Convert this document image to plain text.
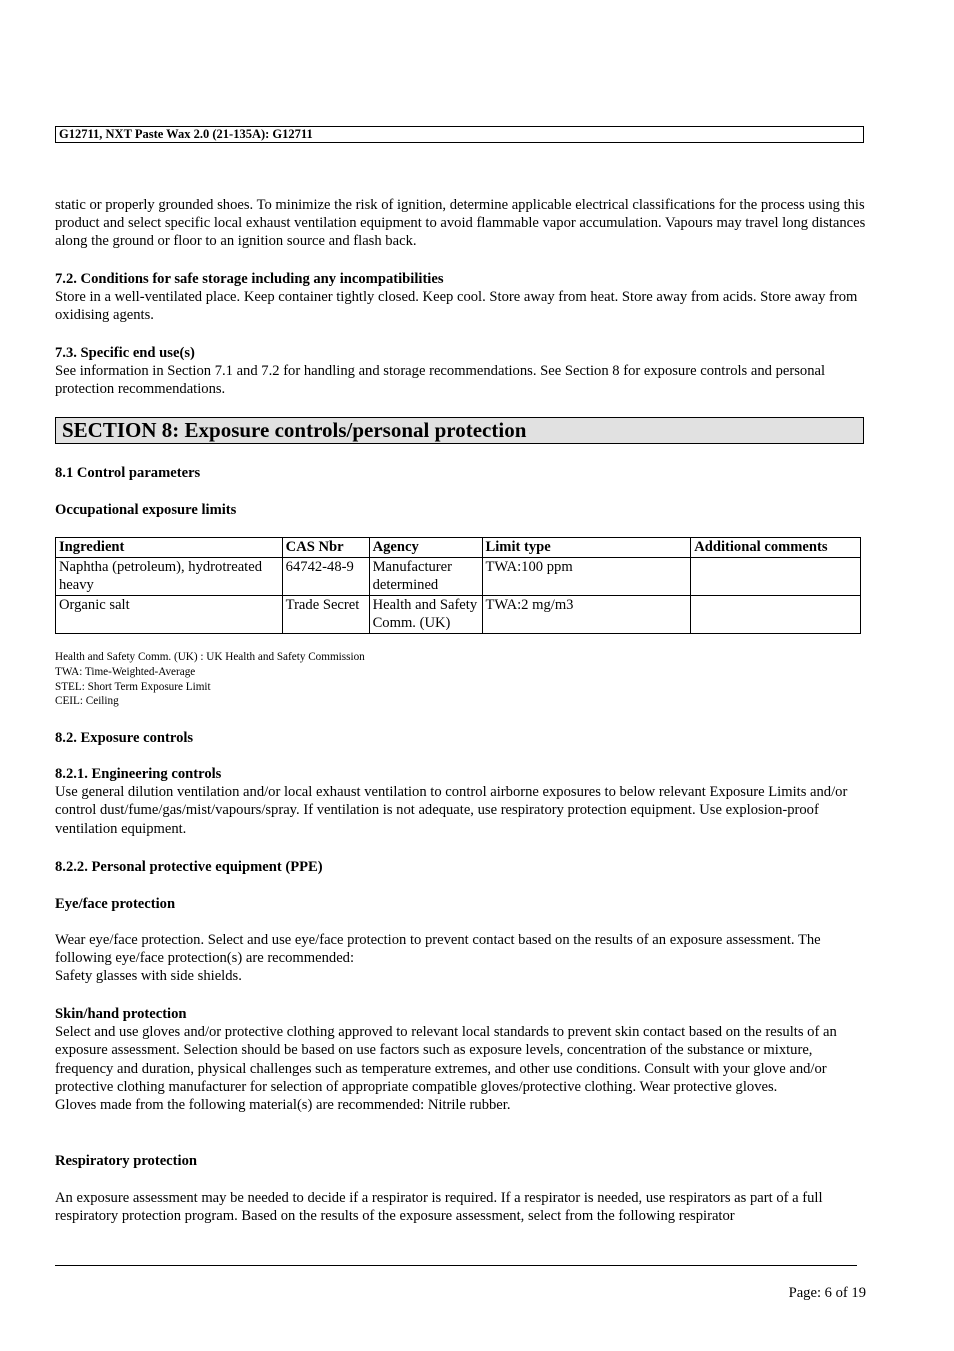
G12711, NXT Paste Wax 2.0 (21-135A): G12711
static or properly grounded shoes. To minimize the risk of ignition, determine applicable electrical classifications for the process using this product and select specific local exhaust ventilation equipment to avoid flammable vapor accumulation. Vapours may travel long distances along the ground or floor to an ignition source and flash back.
7.2. Conditions for safe storage including any incompatibilities
Store in a well-ventilated place. Keep container tightly closed. Keep cool. Store away from heat. Store away from acids. Store away from oxidising agents.
7.3. Specific end use(s)
See information in Section 7.1 and 7.2 for handling and storage recommendations. See Section 8 for exposure controls and personal protection recommendations.
SECTION 8: Exposure controls/personal protection
8.1 Control parameters
Occupational exposure limits
Ingredient	CAS Nbr	Agency	Limit type	Additional comments
Naphtha (petroleum), hydrotreated heavy	64742-48-9	Manufacturer determined	TWA:100 ppm	
Organic salt	Trade Secret	Health and Safety Comm. (UK)	TWA:2 mg/m3	
Health and Safety Comm. (UK) : UK Health and Safety Commission
TWA: Time-Weighted-Average
STEL: Short Term Exposure Limit
CEIL: Ceiling
8.2. Exposure controls
8.2.1. Engineering controls
Use general dilution ventilation and/or local exhaust ventilation to control airborne exposures to below relevant Exposure Limits and/or control dust/fume/gas/mist/vapours/spray. If ventilation is not adequate, use respiratory protection equipment. Use explosion-proof ventilation equipment.
8.2.2. Personal protective equipment (PPE)
Eye/face protection
Wear eye/face protection. Select and use eye/face protection to prevent contact based on the results of an exposure assessment. The following eye/face protection(s) are recommended:
Safety glasses with side shields.
Skin/hand protection
Select and use gloves and/or protective clothing approved to relevant local standards to prevent skin contact based on the results of an exposure assessment. Selection should be based on use factors such as exposure levels, concentration of the substance or mixture, frequency and duration, physical challenges such as temperature extremes, and other use conditions. Consult with your glove and/or protective clothing manufacturer for selection of appropriate compatible gloves/protective clothing. Wear protective gloves.
Gloves made from the following material(s) are recommended: Nitrile rubber.
Respiratory protection
An exposure assessment may be needed to decide if a respirator is required. If a respirator is needed, use respirators as part of a full respiratory protection program. Based on the results of the exposure assessment, select from the following respirator
Page: 6 of 19
